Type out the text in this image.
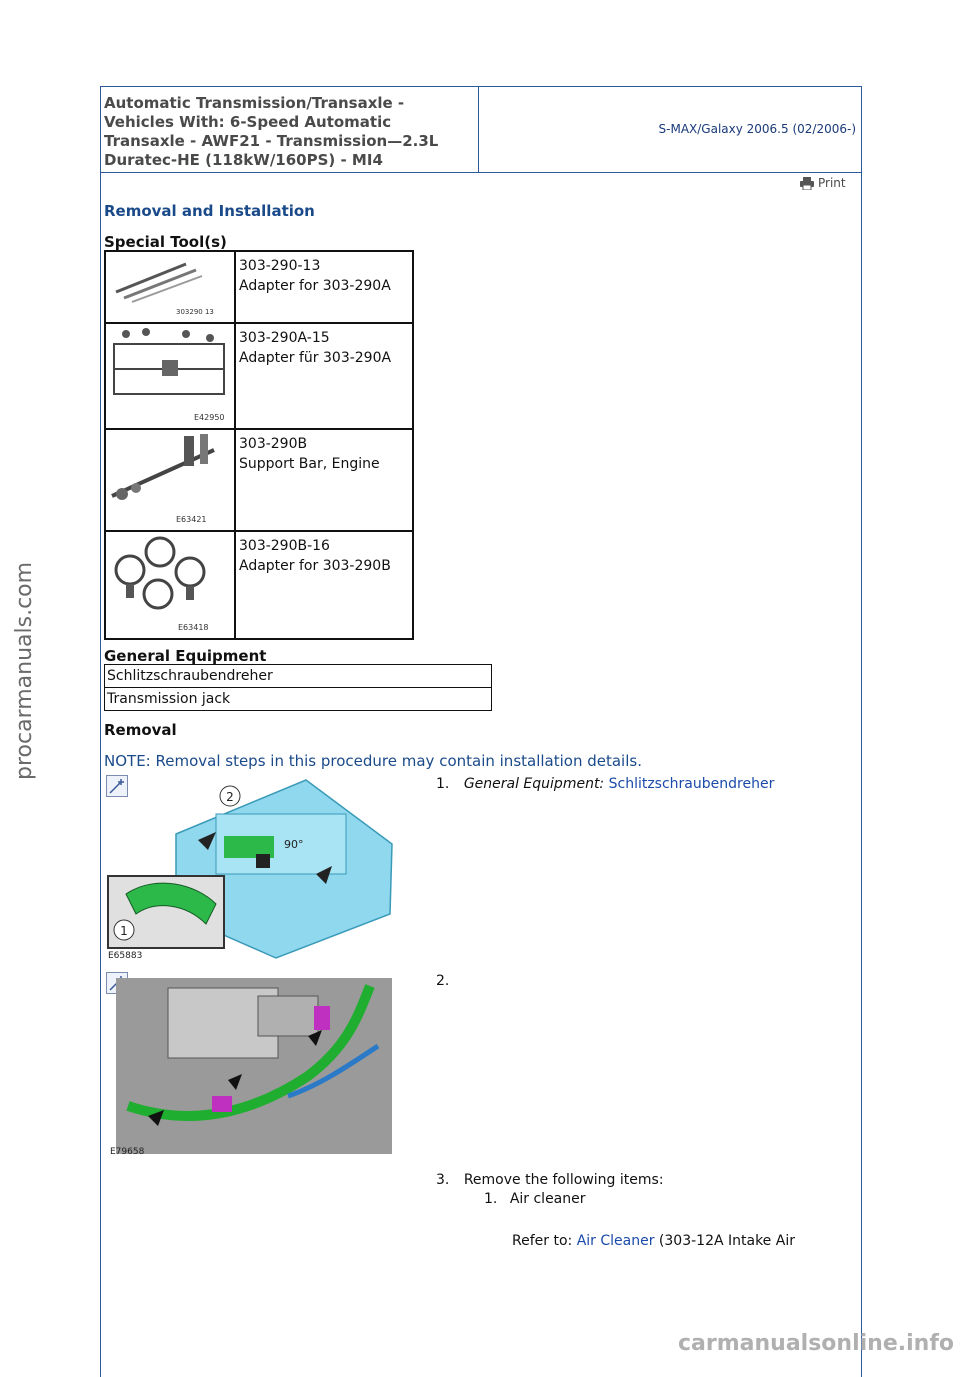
Automatic Transmission/Transaxle - Vehicles With: 6-Speed Automatic Transaxle - AWF21 - Transmission—2.3L Duratec-HE (118kW/160PS) - MI4
S-MAX/Galaxy 2006.5 (02/2006-)
Print
Removal and Installation
Special Tool(s)
303290 13	303-290-13
Adapter for 303-290A

E42950	303-290A-15
Adapter für 303-290A

E63421	303-290B
Support Bar, Engine

E63418	303-290B-16
Adapter for 303-290B
General Equipment
Schlitzschraubendreher
Transmission jack
Removal
NOTE: Removal steps in this procedure may contain installation details.
2
90°
1
E65883
1. General Equipment: Schlitzschraubendreher
E79658
2.
3. Remove the following items:
1. Air cleaner
Refer to: Air Cleaner (303-12A Intake Air
procarmanuals.com
carmanualsonline.info
